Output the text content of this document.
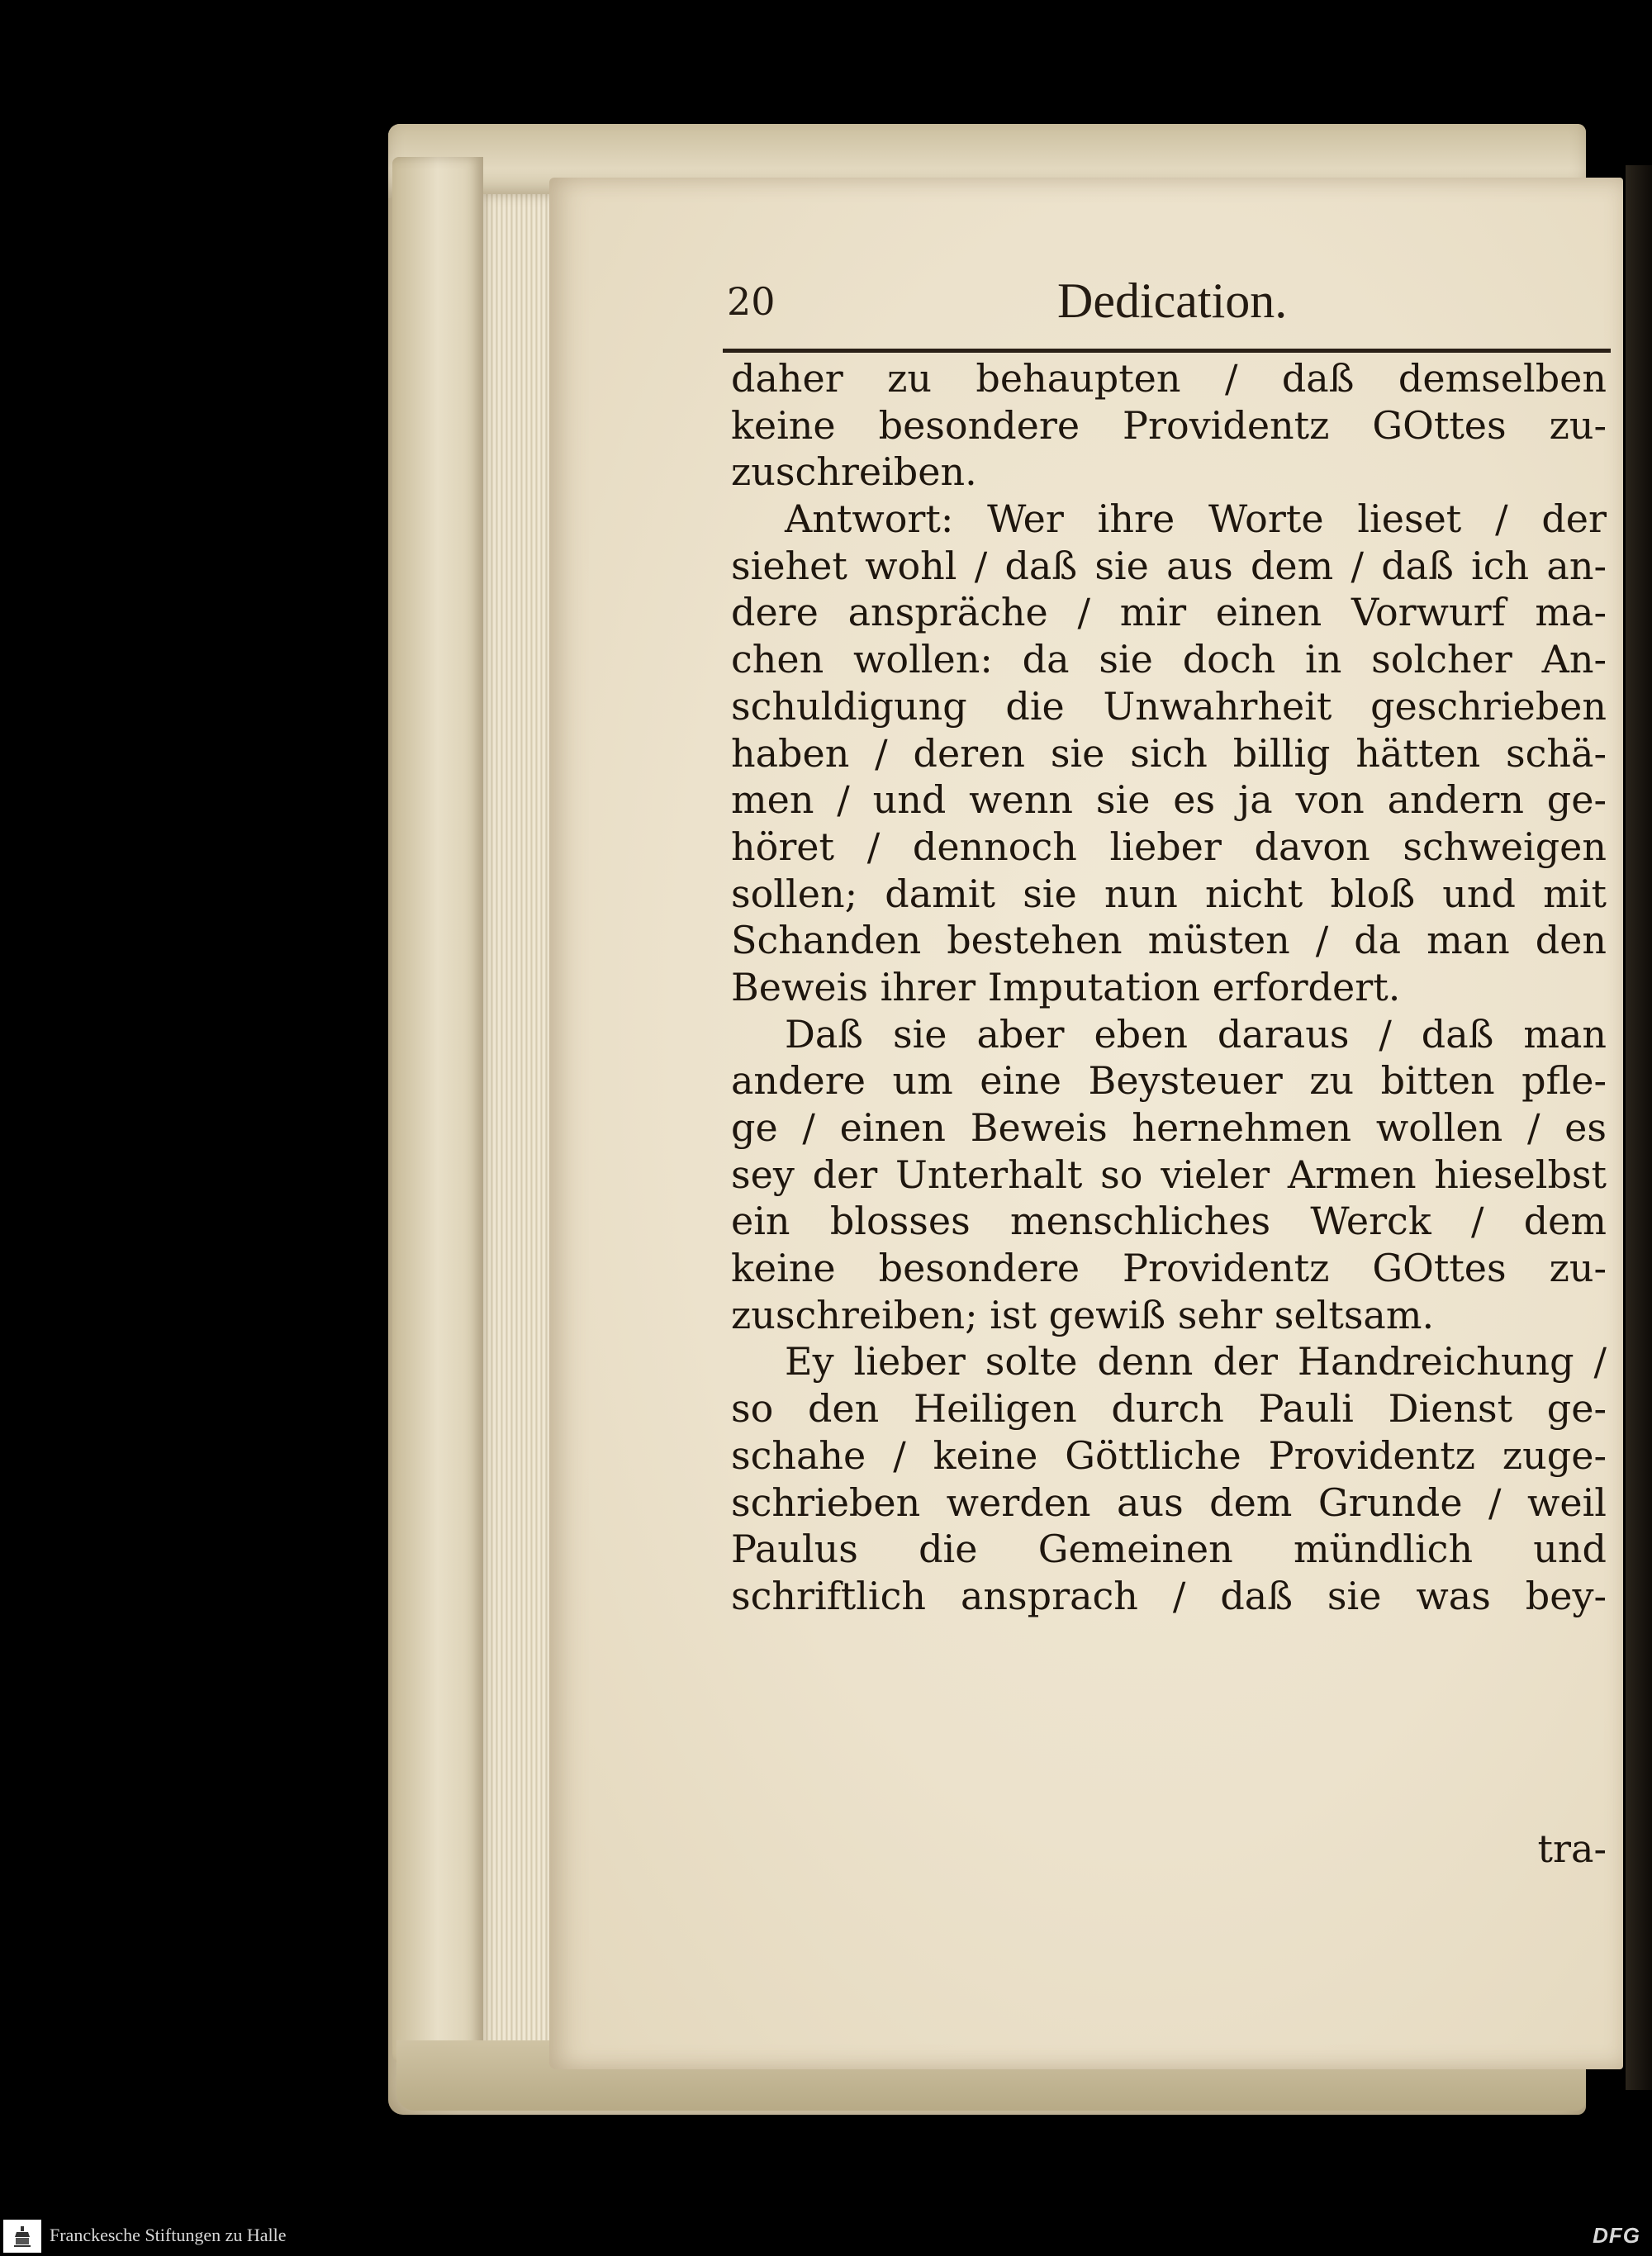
20	Dedication.
daher zu behaupten / daß demselben
keine besondere Providentz GOttes zu-
zuschreiben.
Antwort: Wer ihre Worte lieset / der
siehet wohl / daß sie aus dem / daß ich an-
dere anspräche / mir einen Vorwurf ma-
chen wollen: da sie doch in solcher An-
schuldigung die Unwahrheit geschrieben
haben / deren sie sich billig hätten schä-
men / und wenn sie es ja von andern ge-
höret / dennoch lieber davon schweigen
sollen; damit sie nun nicht bloß und mit
Schanden bestehen müsten / da man den
Beweis ihrer Imputation erfordert.
Daß sie aber eben daraus / daß man
andere um eine Beysteuer zu bitten pfle-
ge / einen Beweis hernehmen wollen / es
sey der Unterhalt so vieler Armen hieselbst
ein blosses menschliches Werck / dem
keine besondere Providentz GOttes zu-
zuschreiben; ist gewiß sehr seltsam.
Ey lieber solte denn der Handreichung /
so den Heiligen durch Pauli Dienst ge-
schahe / keine Göttliche Providentz zuge-
schrieben werden aus dem Grunde / weil
Paulus die Gemeinen mündlich und
schriftlich ansprach / daß sie was bey-
tra-
Franckesche Stiftungen zu Halle	DFG
